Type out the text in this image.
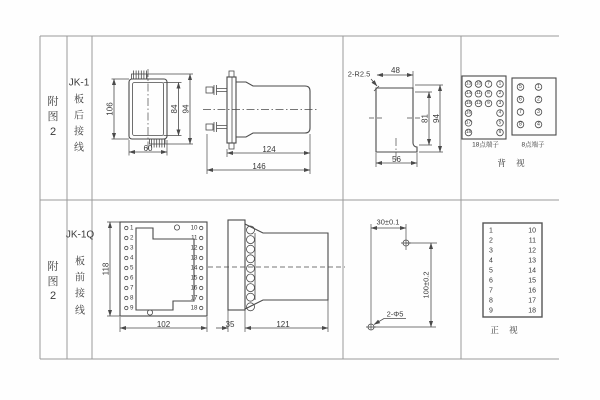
附
图
2
JK-1
板
后
接
线
106	84 94
60	124
146
2-R2.5	48
81 94
56
13
14
15
16
17
18
10
11
12
7
8
9
1
2
3
4
5
6
18点端子
5
6
7
8
1
2
3
4
8点端子
背 视
附
图
2
JK-1Q
板
前
接
线
1
2
3
4
5
6
7
8
9
10
11
12
13
14
15
16
17
18
118
102	35	121
30±0.1
100±0.2
2-Φ5
1
2
3
4
5
6
7
8
9
10
11
12
13
14
15
16
17
18
正 视
